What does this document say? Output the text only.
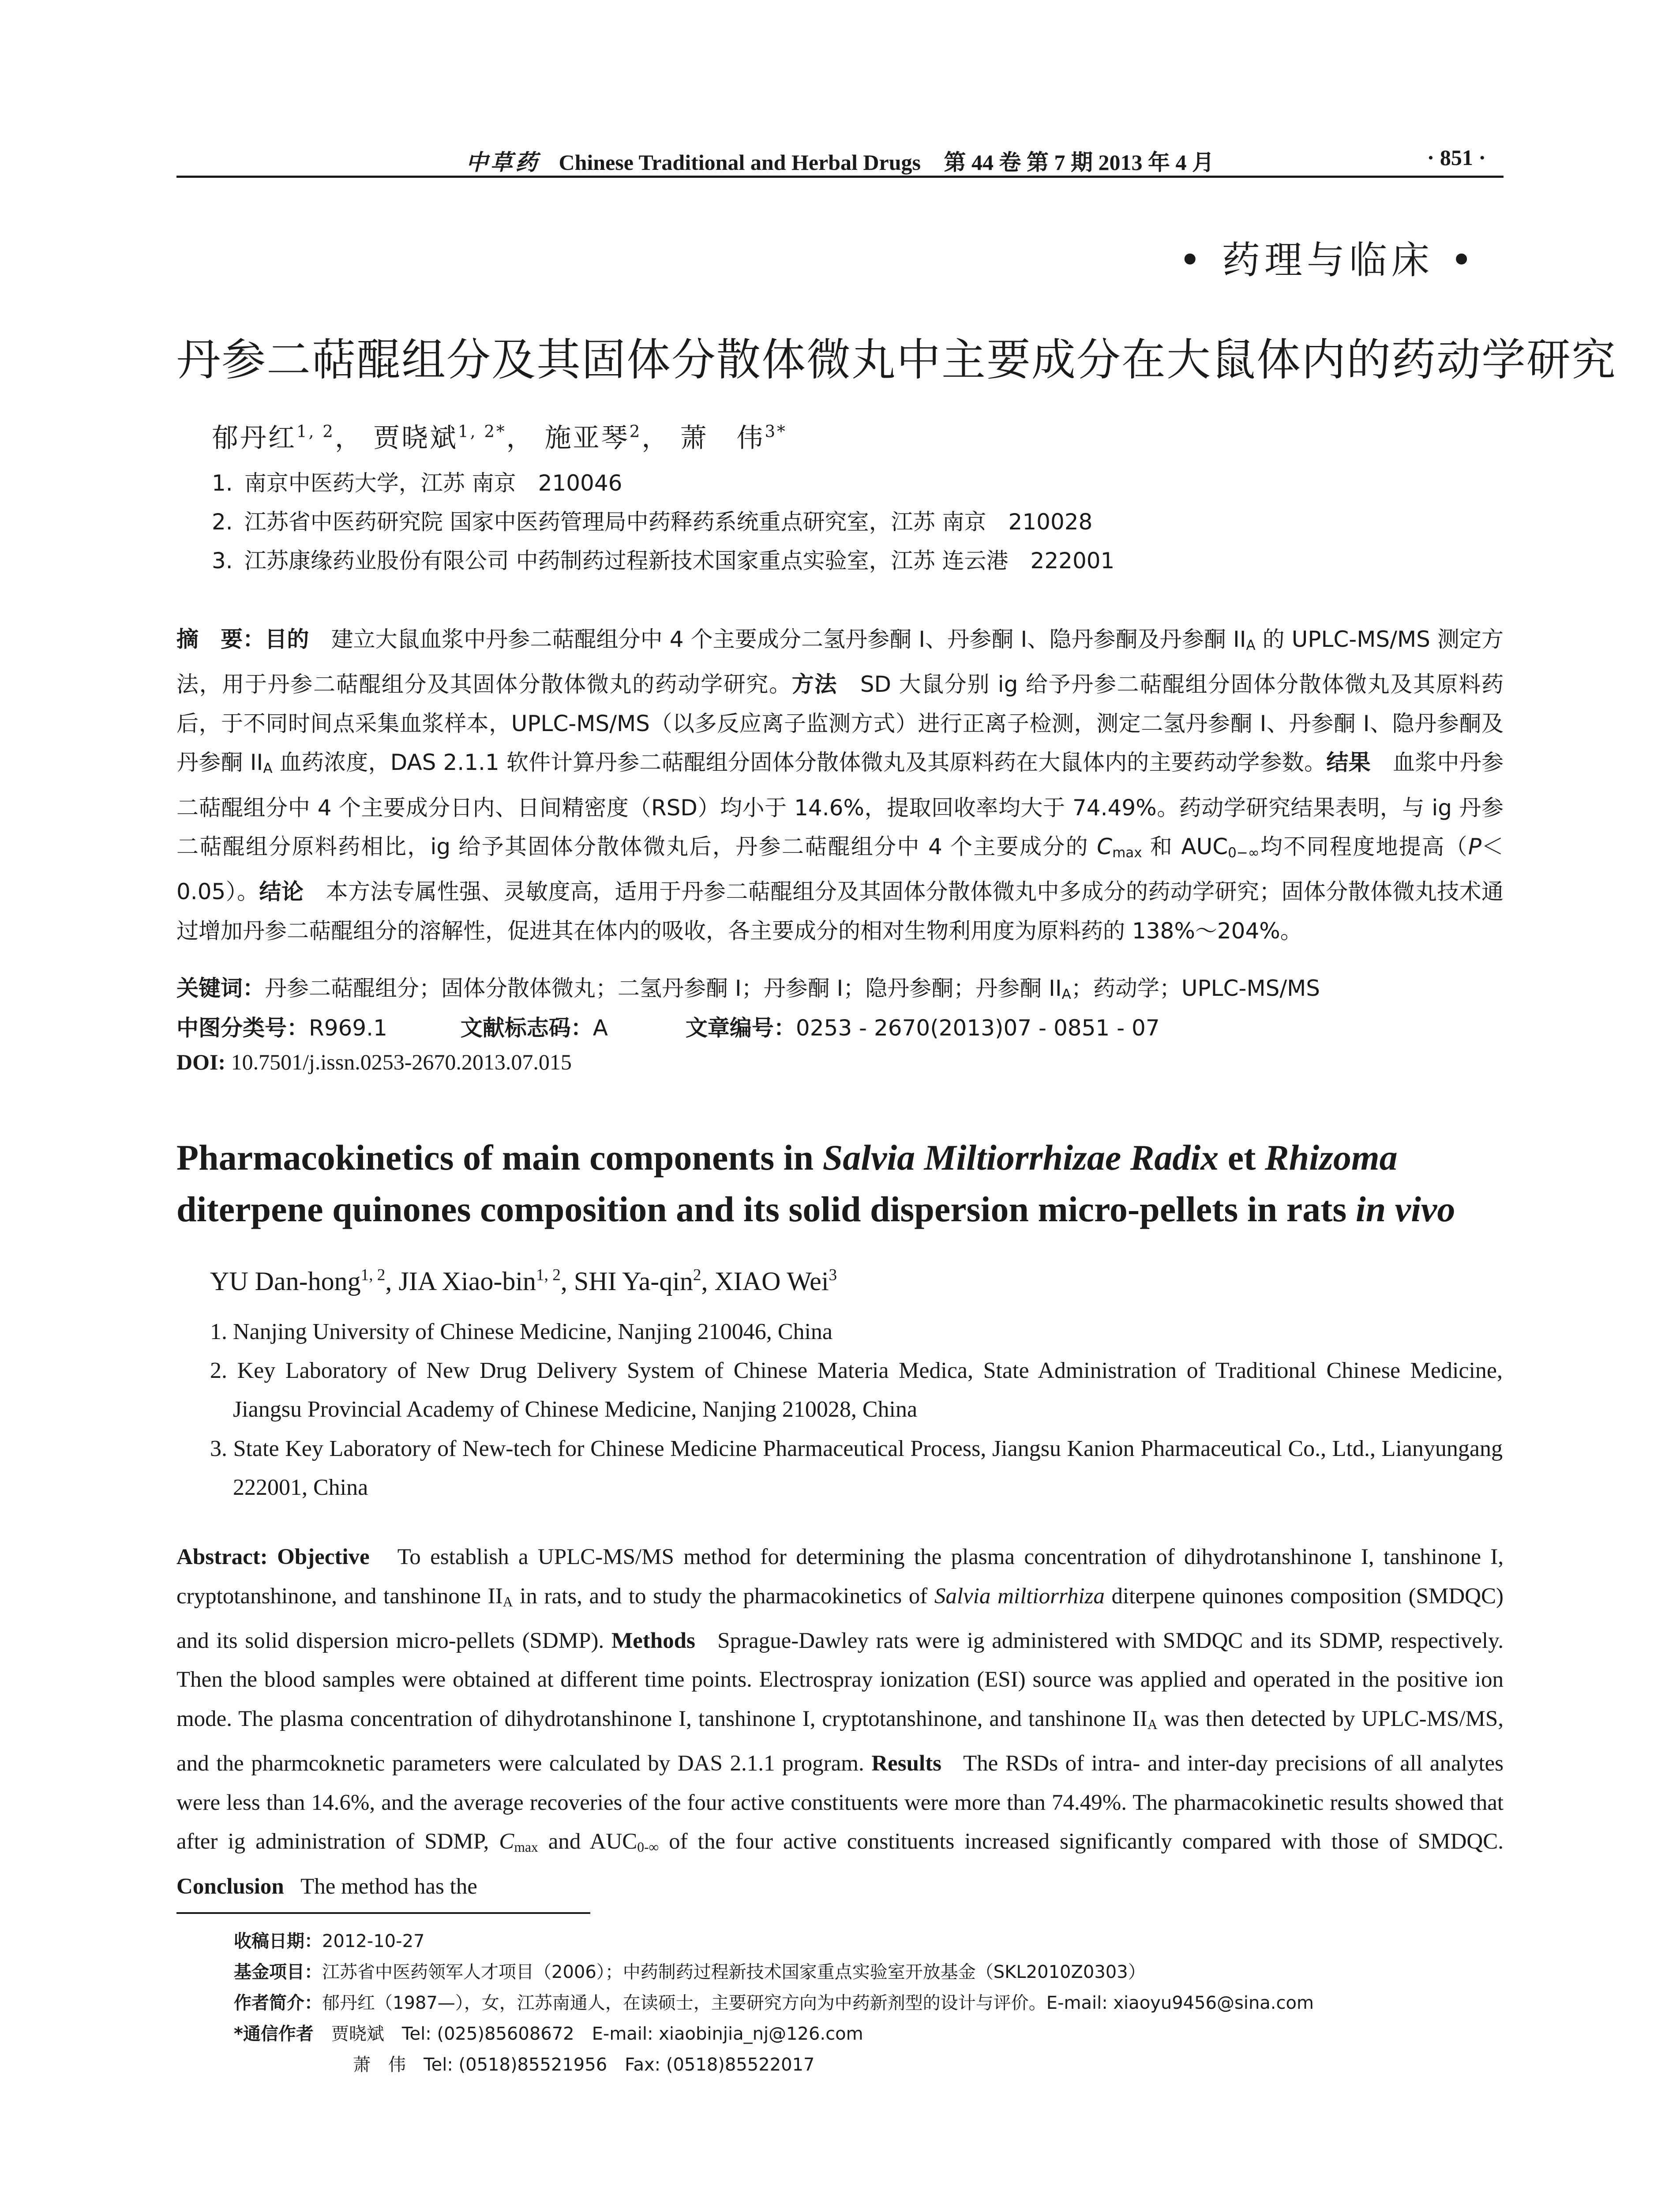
中草药 Chinese Traditional and Herbal Drugs 第 44 卷 第 7 期 2013 年 4 月	· 851 ·
• 药理与临床 •
丹参二萜醌组分及其固体分散体微丸中主要成分在大鼠体内的药动学研究
郁丹红$^{1, 2}$， 贾晓斌$^{1, 2*}$， 施亚琴$^2$， 萧　伟$^{3*}$
1. 南京中医药大学，江苏 南京　210046
2. 江苏省中医药研究院 国家中医药管理局中药释药系统重点研究室，江苏 南京　210028
3. 江苏康缘药业股份有限公司 中药制药过程新技术国家重点实验室，江苏 连云港　222001
摘　要：目的　 建立大鼠血浆中丹参二萜醌组分中 4 个主要成分二氢丹参酮 I、丹参酮 I、隐丹参酮及丹参酮 $II_A$ 的 UPLC-MS/MS 测定方法，用于丹参二萜醌组分及其固体分散体微丸的药动学研究。方法　 SD 大鼠分别 ig 给予丹参二萜醌组分固体分散体微丸及其原料药后，于不同时间点采集血浆样本，UPLC-MS/MS（以多反应离子监测方式）进行正离子检测，测定二氢丹参酮 I、丹参酮 I、隐丹参酮及丹参酮 $II_A$ 血药浓度，DAS 2.1.1 软件计算丹参二萜醌组分固体分散体微丸及其原料药在大鼠体内的主要药动学参数。结果　 血浆中丹参二萜醌组分中 4 个主要成分日内、日间精密度（RSD）均小于 14.6%，提取回收率均大于 74.49%。药动学研究结果表明，与 ig 丹参二萜醌组分原料药相比，ig 给予其固体分散体微丸后，丹参二萜醌组分中 4 个主要成分的 $C_{max}$ 和 $AUC_{0-\infty}$均不同程度地提高（P＜0.05）。结论　 本方法专属性强、灵敏度高，适用于丹参二萜醌组分及其固体分散体微丸中多成分的药动学研究；固体分散体微丸技术通过增加丹参二萜醌组分的溶解性，促进其在体内的吸收，各主要成分的相对生物利用度为原料药的 138%～204%。
关键词：丹参二萜醌组分；固体分散体微丸；二氢丹参酮 I；丹参酮 I；隐丹参酮；丹参酮 $II_A$；药动学；UPLC-MS/MS
中图分类号：R969.1	文献标志码：A	文章编号：0253 - 2670(2013)07 - 0851 - 07
DOI: 10.7501/j.issn.0253-2670.2013.07.015
Pharmacokinetics of main components in Salvia Miltiorrhizae Radix et Rhizoma
diterpene quinones composition and its solid dispersion micro-pellets in rats in vivo
YU Dan-hong$^{1, 2}$, JIA Xiao-bin$^{1, 2}$, SHI Ya-qin$^2$, XIAO Wei$^3$
1. Nanjing University of Chinese Medicine, Nanjing 210046, China
2. Key Laboratory of New Drug Delivery System of Chinese Materia Medica, State Administration of Traditional Chinese Medicine, Jiangsu Provincial Academy of Chinese Medicine, Nanjing 210028, China
3. State Key Laboratory of New-tech for Chinese Medicine Pharmaceutical Process, Jiangsu Kanion Pharmaceutical Co., Ltd., Lianyungang 222001, China
Abstract: Objective To establish a UPLC-MS/MS method for determining the plasma concentration of dihydrotanshinone I, tanshinone I, cryptotanshinone, and tanshinone $II_A$ in rats, and to study the pharmacokinetics of Salvia miltiorrhiza diterpene quinones composition (SMDQC) and its solid dispersion micro-pellets (SDMP). Methods Sprague-Dawley rats were ig administered with SMDQC and its SDMP, respectively. Then the blood samples were obtained at different time points. Electrospray ionization (ESI) source was applied and operated in the positive ion mode. The plasma concentration of dihydrotanshinone I, tanshinone I, cryptotanshinone, and tanshinone $II_A$ was then detected by UPLC-MS/MS, and the pharmcoknetic parameters were calculated by DAS 2.1.1 program. Results The RSDs of intra- and inter-day precisions of all analytes were less than 14.6%, and the average recoveries of the four active constituents were more than 74.49%. The pharmacokinetic results showed that after ig administration of SDMP, $C_{max}$ and $AUC_{0-\infty}$ of the four active constituents increased significantly compared with those of SMDQC. Conclusion The method has the
收稿日期：2012-10-27
基金项目：江苏省中医药领军人才项目（2006）；中药制药过程新技术国家重点实验室开放基金（SKL2010Z0303）
作者简介：郁丹红（1987—），女，江苏南通人，在读硕士，主要研究方向为中药新剂型的设计与评价。E-mail: xiaoyu9456@sina.com
*通信作者　 贾晓斌　 Tel: (025)85608672　E-mail: xiaobinjia_nj@126.com
萧　伟　 Tel: (0518)85521956　Fax: (0518)85522017
